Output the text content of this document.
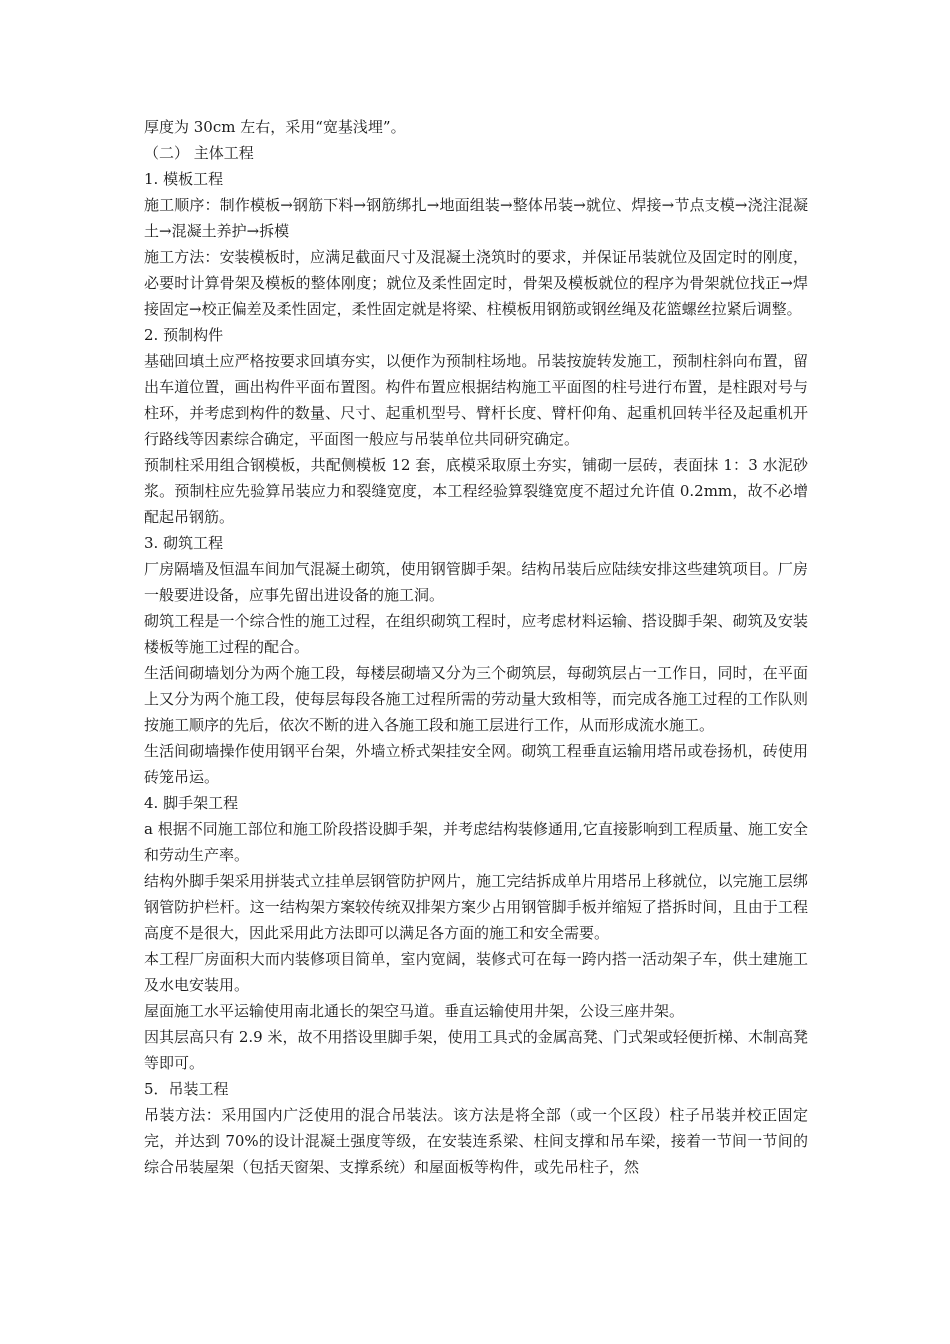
厚度为 30cm 左右，采用“宽基浅埋”。

（二） 主体工程

1. 模板工程

施工顺序：制作模板→钢筋下料→钢筋绑扎→地面组装→整体吊装→就位、焊接→节点支模→浇注混凝土→混凝土养护→拆模

施工方法：安装模板时，应满足截面尺寸及混凝土浇筑时的要求，并保证吊装就位及固定时的刚度，必要时计算骨架及模板的整体刚度；就位及柔性固定时，骨架及模板就位的程序为骨架就位找正→焊接固定→校正偏差及柔性固定，柔性固定就是将梁、柱模板用钢筋或钢丝绳及花篮螺丝拉紧后调整。

2. 预制构件

基础回填土应严格按要求回填夯实，以便作为预制柱场地。吊装按旋转发施工，预制柱斜向布置，留出车道位置，画出构件平面布置图。构件布置应根据结构施工平面图的柱号进行布置，是柱跟对号与柱环，并考虑到构件的数量、尺寸、起重机型号、臂杆长度、臂杆仰角、起重机回转半径及起重机开行路线等因素综合确定，平面图一般应与吊装单位共同研究确定。

预制柱采用组合钢模板，共配侧模板 12 套，底模采取原土夯实，铺砌一层砖，表面抹 1：3 水泥砂浆。预制柱应先验算吊装应力和裂缝宽度，本工程经验算裂缝宽度不超过允许值 0.2mm，故不必增配起吊钢筋。

3. 砌筑工程

厂房隔墙及恒温车间加气混凝土砌筑，使用钢管脚手架。结构吊装后应陆续安排这些建筑项目。厂房一般要进设备，应事先留出进设备的施工洞。

砌筑工程是一个综合性的施工过程，在组织砌筑工程时，应考虑材料运输、搭设脚手架、砌筑及安装楼板等施工过程的配合。

生活间砌墙划分为两个施工段，每楼层砌墙又分为三个砌筑层，每砌筑层占一工作日，同时，在平面上又分为两个施工段，使每层每段各施工过程所需的劳动量大致相等，而完成各施工过程的工作队则按施工顺序的先后，依次不断的进入各施工段和施工层进行工作，从而形成流水施工。

生活间砌墙操作使用钢平台架，外墙立桥式架挂安全网。砌筑工程垂直运输用塔吊或卷扬机，砖使用砖笼吊运。

4. 脚手架工程

a 根据不同施工部位和施工阶段搭设脚手架，并考虑结构装修通用,它直接影响到工程质量、施工安全和劳动生产率。

结构外脚手架采用拼装式立挂单层钢管防护网片，施工完结拆成单片用塔吊上移就位，以完施工层绑钢管防护栏杆。这一结构架方案较传统双排架方案少占用钢管脚手板并缩短了搭拆时间，且由于工程高度不是很大，因此采用此方法即可以满足各方面的施工和安全需要。

本工程厂房面积大而内装修项目简单，室内宽阔，装修式可在每一跨内搭一活动架子车，供土建施工及水电安装用。

屋面施工水平运输使用南北通长的架空马道。垂直运输使用井架，公设三座井架。

因其层高只有 2.9 米，故不用搭设里脚手架，使用工具式的金属高凳、门式架或轻便折梯、木制高凳等即可。

5．吊装工程

吊装方法：采用国内广泛使用的混合吊装法。该方法是将全部（或一个区段）柱子吊装并校正固定完，并达到 70%的设计混凝土强度等级，在安装连系梁、柱间支撑和吊车梁，接着一节间一节间的综合吊装屋架（包括天窗架、支撑系统）和屋面板等构件，或先吊柱子，然
